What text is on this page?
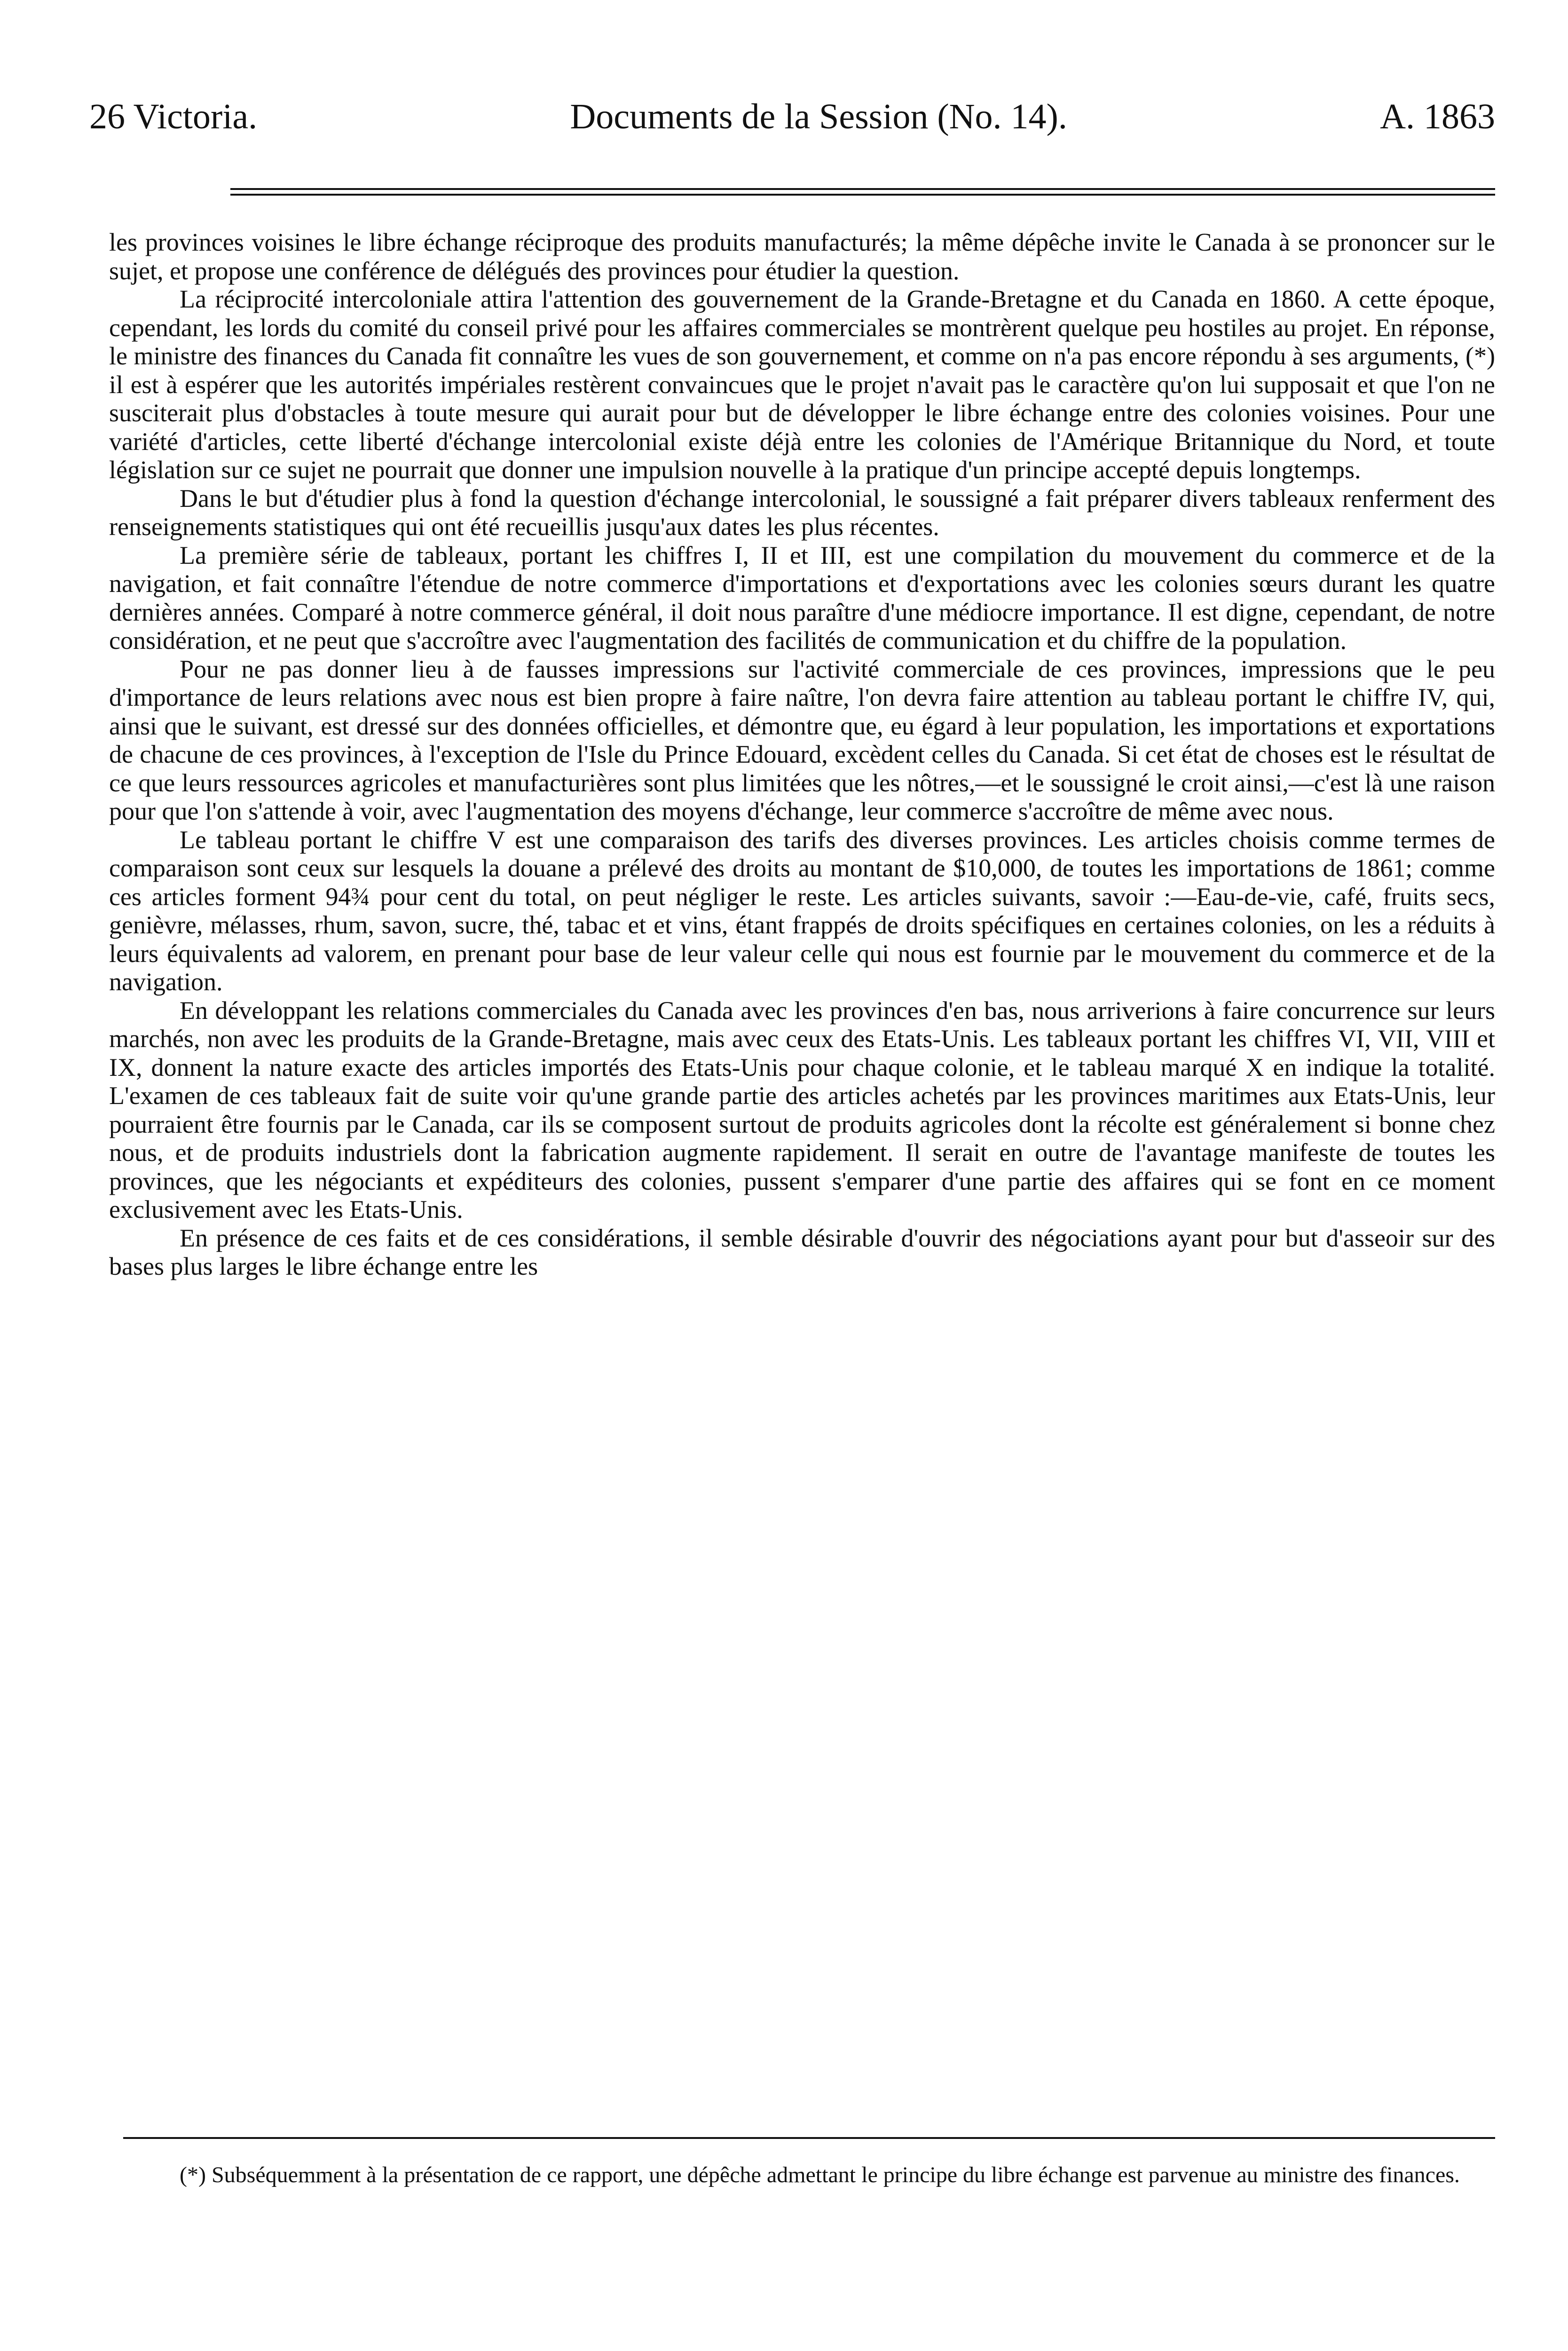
26 Victoria.	Documents de la Session (No. 14).	A. 1863

les provinces voisines le libre échange réciproque des produits manufacturés; la même dépêche invite le Canada à se prononcer sur le sujet, et propose une conférence de délégués des provinces pour étudier la question.

La réciprocité intercoloniale attira l'attention des gouvernement de la Grande-Bretagne et du Canada en 1860. A cette époque, cependant, les lords du comité du conseil privé pour les affaires commerciales se montrèrent quelque peu hostiles au projet. En réponse, le ministre des finances du Canada fit connaître les vues de son gouvernement, et comme on n'a pas encore répondu à ses arguments, (*) il est à espérer que les autorités impériales restèrent convaincues que le projet n'avait pas le caractère qu'on lui supposait et que l'on ne susciterait plus d'obstacles à toute mesure qui aurait pour but de développer le libre échange entre des colonies voisines. Pour une variété d'articles, cette liberté d'échange intercolonial existe déjà entre les colonies de l'Amérique Britannique du Nord, et toute législation sur ce sujet ne pourrait que donner une impulsion nouvelle à la pratique d'un principe accepté depuis longtemps.

Dans le but d'étudier plus à fond la question d'échange intercolonial, le soussigné a fait préparer divers tableaux renferment des renseignements statistiques qui ont été recueillis jusqu'aux dates les plus récentes.

La première série de tableaux, portant les chiffres I, II et III, est une compilation du mouvement du commerce et de la navigation, et fait connaître l'étendue de notre commerce d'importations et d'exportations avec les colonies sœurs durant les quatre dernières années. Comparé à notre commerce général, il doit nous paraître d'une médiocre importance. Il est digne, cependant, de notre considération, et ne peut que s'accroître avec l'augmentation des facilités de communication et du chiffre de la population.

Pour ne pas donner lieu à de fausses impressions sur l'activité commerciale de ces provinces, impressions que le peu d'importance de leurs relations avec nous est bien propre à faire naître, l'on devra faire attention au tableau portant le chiffre IV, qui, ainsi que le suivant, est dressé sur des données officielles, et démontre que, eu égard à leur population, les importations et exportations de chacune de ces provinces, à l'exception de l'Isle du Prince Edouard, excèdent celles du Canada. Si cet état de choses est le résultat de ce que leurs ressources agricoles et manufacturières sont plus limitées que les nôtres,—et le soussigné le croit ainsi,—c'est là une raison pour que l'on s'attende à voir, avec l'augmentation des moyens d'échange, leur commerce s'accroître de même avec nous.

Le tableau portant le chiffre V est une comparaison des tarifs des diverses provinces. Les articles choisis comme termes de comparaison sont ceux sur lesquels la douane a prélevé des droits au montant de $10,000, de toutes les importations de 1861; comme ces articles forment 94¾ pour cent du total, on peut négliger le reste. Les articles suivants, savoir :—Eau-de-vie, café, fruits secs, genièvre, mélasses, rhum, savon, sucre, thé, tabac et et vins, étant frappés de droits spécifiques en certaines colonies, on les a réduits à leurs équivalents ad valorem, en prenant pour base de leur valeur celle qui nous est fournie par le mouvement du commerce et de la navigation.

En développant les relations commerciales du Canada avec les provinces d'en bas, nous arriverions à faire concurrence sur leurs marchés, non avec les produits de la Grande-Bretagne, mais avec ceux des Etats-Unis. Les tableaux portant les chiffres VI, VII, VIII et IX, donnent la nature exacte des articles importés des Etats-Unis pour chaque colonie, et le tableau marqué X en indique la totalité. L'examen de ces tableaux fait de suite voir qu'une grande partie des articles achetés par les provinces maritimes aux Etats-Unis, leur pourraient être fournis par le Canada, car ils se composent surtout de produits agricoles dont la récolte est généralement si bonne chez nous, et de produits industriels dont la fabrication augmente rapidement. Il serait en outre de l'avantage manifeste de toutes les provinces, que les négociants et expéditeurs des colonies, pussent s'emparer d'une partie des affaires qui se font en ce moment exclusivement avec les Etats-Unis.

En présence de ces faits et de ces considérations, il semble désirable d'ouvrir des négociations ayant pour but d'asseoir sur des bases plus larges le libre échange entre les

(*) Subséquemment à la présentation de ce rapport, une dépêche admettant le principe du libre échange est parvenue au ministre des finances.
